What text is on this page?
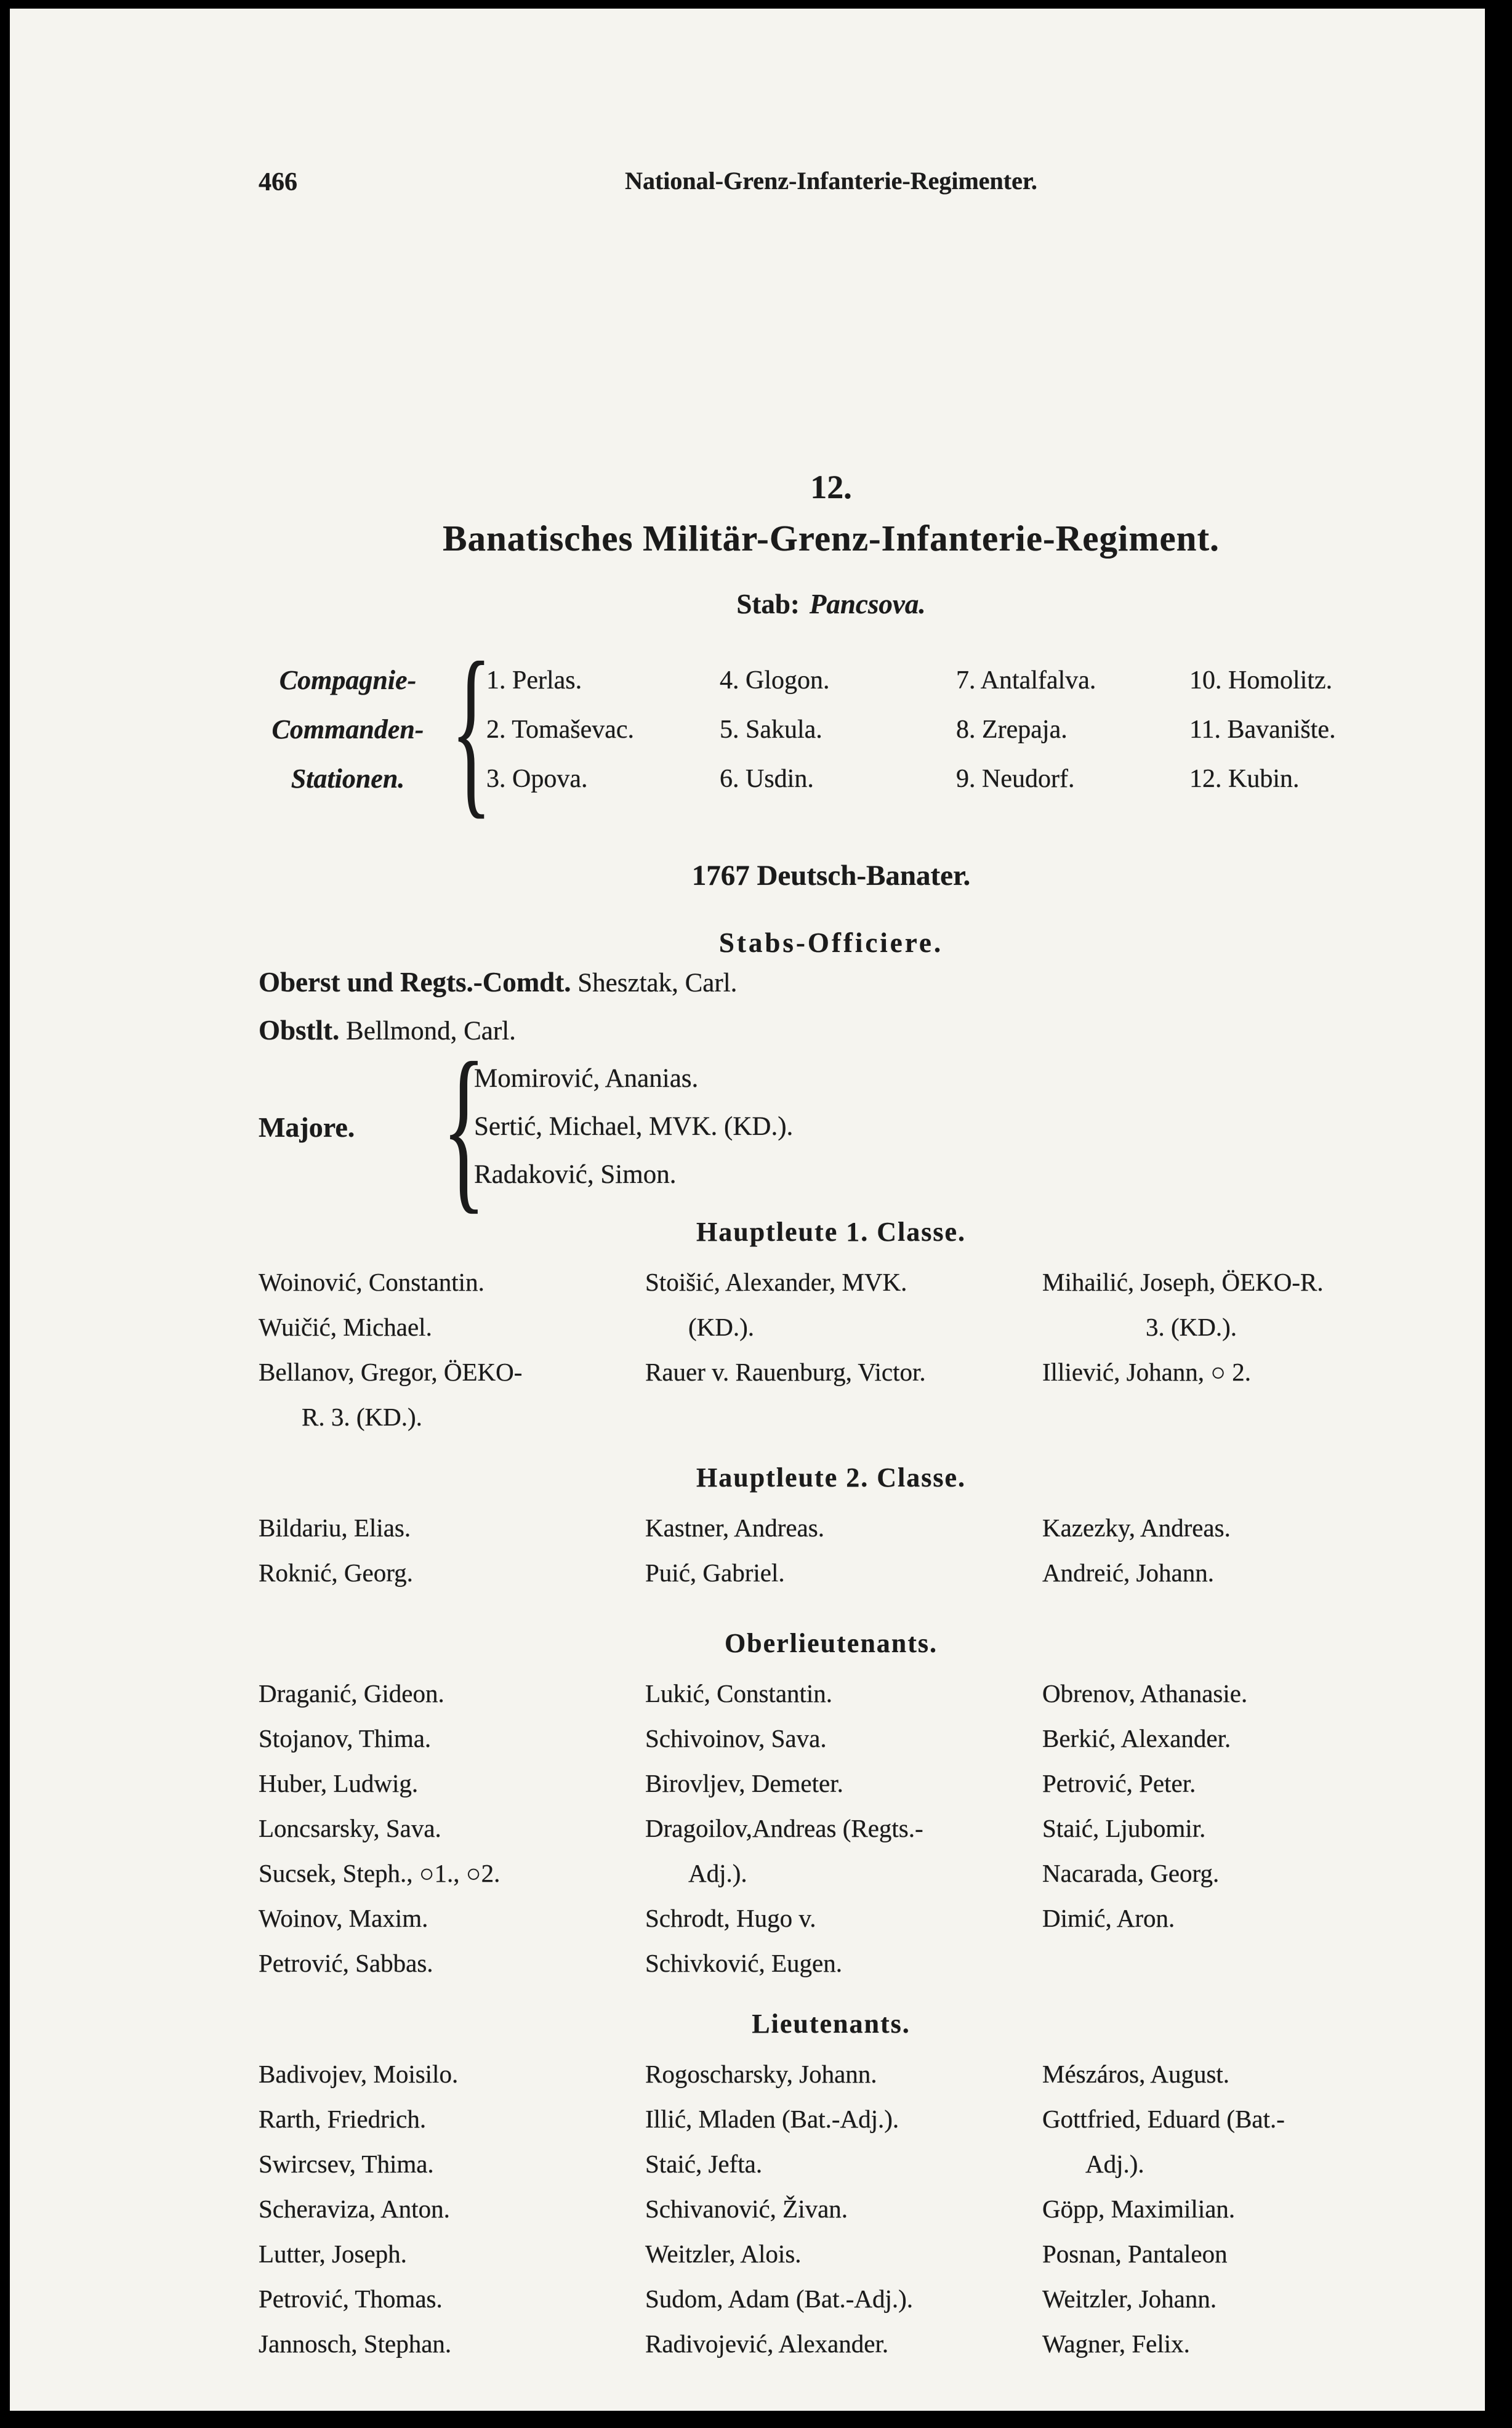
466	National-Grenz-Infanterie-Regimenter.
12.
Banatisches Militär-Grenz-Infanterie-Regiment.
Stab: Pancsova.
Compagnie-
Commanden-
Stationen. {
1. Perlas.
2. Tomaševac.
3. Opova.
4. Glogon.
5. Sakula.
6. Usdin.
7. Antalfalva.
8. Zrepaja.
9. Neudorf.
10. Homolitz.
11. Bavanište.
12. Kubin.
1767 Deutsch-Banater.
Stabs-Officiere.
Oberst und Regts.-Comdt. Shesztak, Carl.
Obstlt. Bellmond, Carl.
Majore. {
Momirović, Ananias.
Sertić, Michael, MVK. (KD.).
Radaković, Simon.
Hauptleute 1. Classe.
Woinović, Constantin.
Wuičić, Michael.
Bellanov, Gregor, ÖEKO-
R. 3. (KD.).
Stoišić, Alexander, MVK.
(KD.).
Rauer v. Rauenburg, Victor.
Mihailić, Joseph, ÖEKO-R.
3. (KD.).
Illiević, Johann, ○ 2.
Hauptleute 2. Classe.
Bildariu, Elias.
Roknić, Georg.
Kastner, Andreas.
Puić, Gabriel.
Kazezky, Andreas.
Andreić, Johann.
Oberlieutenants.
Draganić, Gideon.
Stojanov, Thima.
Huber, Ludwig.
Loncsarsky, Sava.
Sucsek, Steph., ○1., ○2.
Woinov, Maxim.
Petrović, Sabbas.
Lukić, Constantin.
Schivoinov, Sava.
Birovljev, Demeter.
Dragoilov,Andreas (Regts.-
Adj.).
Schrodt, Hugo v.
Schivković, Eugen.
Obrenov, Athanasie.
Berkić, Alexander.
Petrović, Peter.
Staić, Ljubomir.
Nacarada, Georg.
Dimić, Aron.
Lieutenants.
Badivojev, Moisilo.
Rarth, Friedrich.
Swircsev, Thima.
Scheraviza, Anton.
Lutter, Joseph.
Petrović, Thomas.
Jannosch, Stephan.
Rogoscharsky, Johann.
Illić, Mladen (Bat.-Adj.).
Staić, Jefta.
Schivanović, Živan.
Weitzler, Alois.
Sudom, Adam (Bat.-Adj.).
Radivojević, Alexander.
Mészáros, August.
Gottfried, Eduard (Bat.-
Adj.).
Göpp, Maximilian.
Posnan, Pantaleon
Weitzler, Johann.
Wagner, Felix.
